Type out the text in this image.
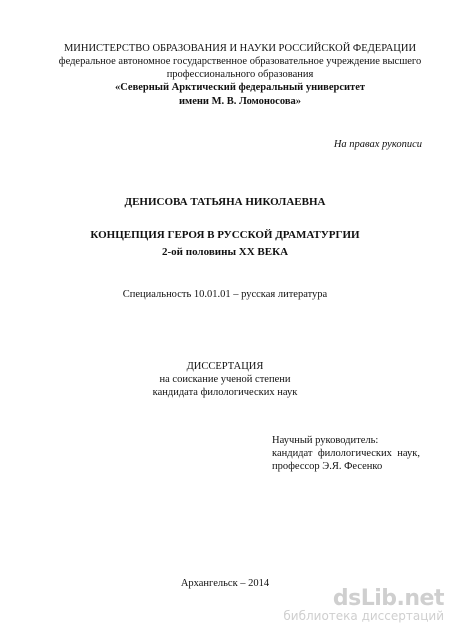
МИНИСТЕРСТВО ОБРАЗОВАНИЯ И НАУКИ РОССИЙСКОЙ ФЕДЕРАЦИИ
федеральное автономное государственное образовательное учреждение высшего
профессионального образования
«Северный Арктический федеральный университет
имени М. В. Ломоносова»
На правах рукописи
ДЕНИСОВА ТАТЬЯНА НИКОЛАЕВНА
КОНЦЕПЦИЯ ГЕРОЯ В РУССКОЙ ДРАМАТУРГИИ
2-ой половины XX ВЕКА
Специальность 10.01.01 – русская литература
ДИССЕРТАЦИЯ
на соискание ученой степени
кандидата филологических наук
Научный руководитель:
кандидат филологических наук,
профессор Э.Я. Фесенко
Архангельск – 2014
dsLib.net
библиотека диссертаций
